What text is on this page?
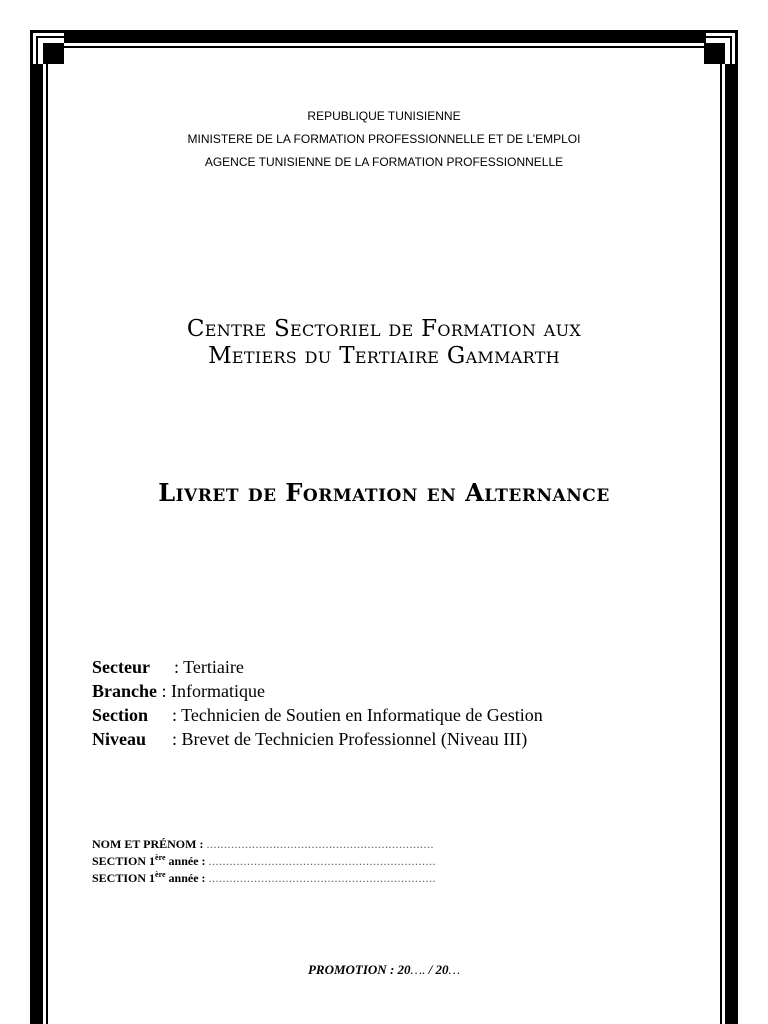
REPUBLIQUE TUNISIENNE
MINISTERE DE LA FORMATION PROFESSIONNELLE ET DE L’EMPLOI
AGENCE TUNISIENNE DE LA FORMATION PROFESSIONNELLE
Centre Sectoriel de Formation aux
Metiers du Tertiaire Gammarth
Livret de Formation en Alternance
Secteur : Tertiaire
Branche : Informatique
Section : Technicien de Soutien en Informatique de Gestion
Niveau : Brevet de Technicien Professionnel (Niveau III)
NOM ET PRÉNOM : .................................................................
SECTION 1ère année : .................................................................
SECTION 1ère année : .................................................................
PROMOTION : 20…. / 20…
